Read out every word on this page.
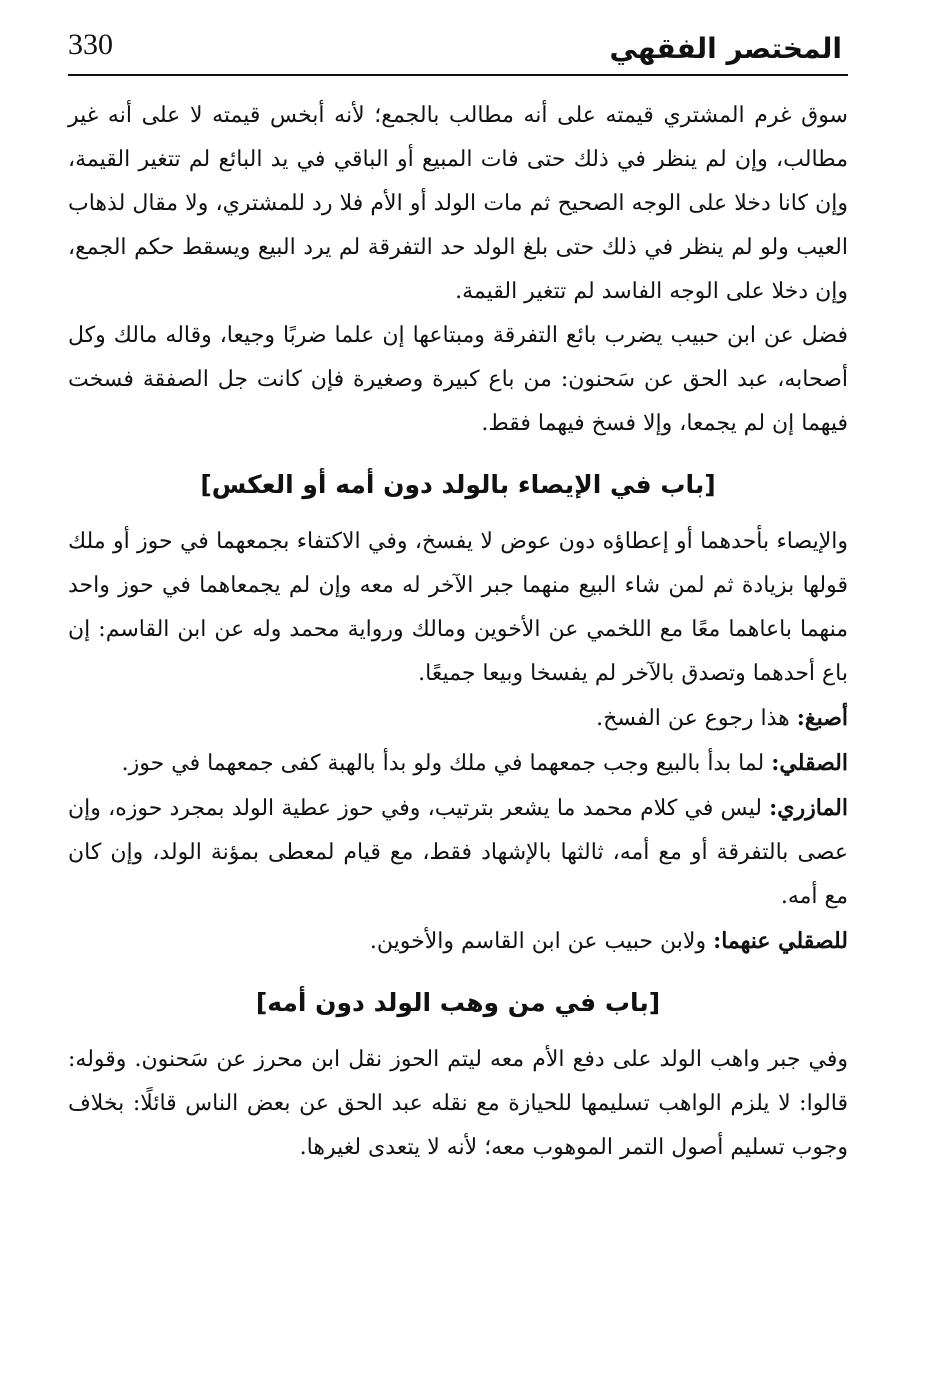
المختصر الفقهي
330

سوق غرم المشتري قيمته على أنه مطالب بالجمع؛ لأنه أبخس قيمته لا على أنه غير مطالب، وإن لم ينظر في ذلك حتى فات المبيع أو الباقي في يد البائع لم تتغير القيمة، وإن كانا دخلا على الوجه الصحيح ثم مات الولد أو الأم فلا رد للمشتري، ولا مقال لذهاب العيب ولو لم ينظر في ذلك حتى بلغ الولد حد التفرقة لم يرد البيع ويسقط حكم الجمع، وإن دخلا على الوجه الفاسد لم تتغير القيمة.

فضل عن ابن حبيب يضرب بائع التفرقة ومبتاعها إن علما ضربًا وجيعا، وقاله مالك وكل أصحابه، عبد الحق عن سَحنون: من باع كبيرة وصغيرة فإن كانت جل الصفقة فسخت فيهما إن لم يجمعا، وإلا فسخ فيهما فقط.

[باب في الإيصاء بالولد دون أمه أو العكس]

والإيصاء بأحدهما أو إعطاؤه دون عوض لا يفسخ، وفي الاكتفاء بجمعهما في حوز أو ملك قولها بزيادة ثم لمن شاء البيع منهما جبر الآخر له معه وإن لم يجمعاهما في حوز واحد منهما باعاهما معًا مع اللخمي عن الأخوين ومالك ورواية محمد وله عن ابن القاسم: إن باع أحدهما وتصدق بالآخر لم يفسخا وبيعا جميعًا.

أصبغ: هذا رجوع عن الفسخ.

الصقلي: لما بدأ بالبيع وجب جمعهما في ملك ولو بدأ بالهبة كفى جمعهما في حوز.

المازري: ليس في كلام محمد ما يشعر بترتيب، وفي حوز عطية الولد بمجرد حوزه، وإن عصى بالتفرقة أو مع أمه، ثالثها بالإشهاد فقط، مع قيام لمعطى بمؤنة الولد، وإن كان مع أمه.

للصقلي عنهما: ولابن حبيب عن ابن القاسم والأخوين.

[باب في من وهب الولد دون أمه]

وفي جبر واهب الولد على دفع الأم معه ليتم الحوز نقل ابن محرز عن سَحنون. وقوله: قالوا: لا يلزم الواهب تسليمها للحيازة مع نقله عبد الحق عن بعض الناس قائلًا: بخلاف وجوب تسليم أصول التمر الموهوب معه؛ لأنه لا يتعدى لغيرها.
